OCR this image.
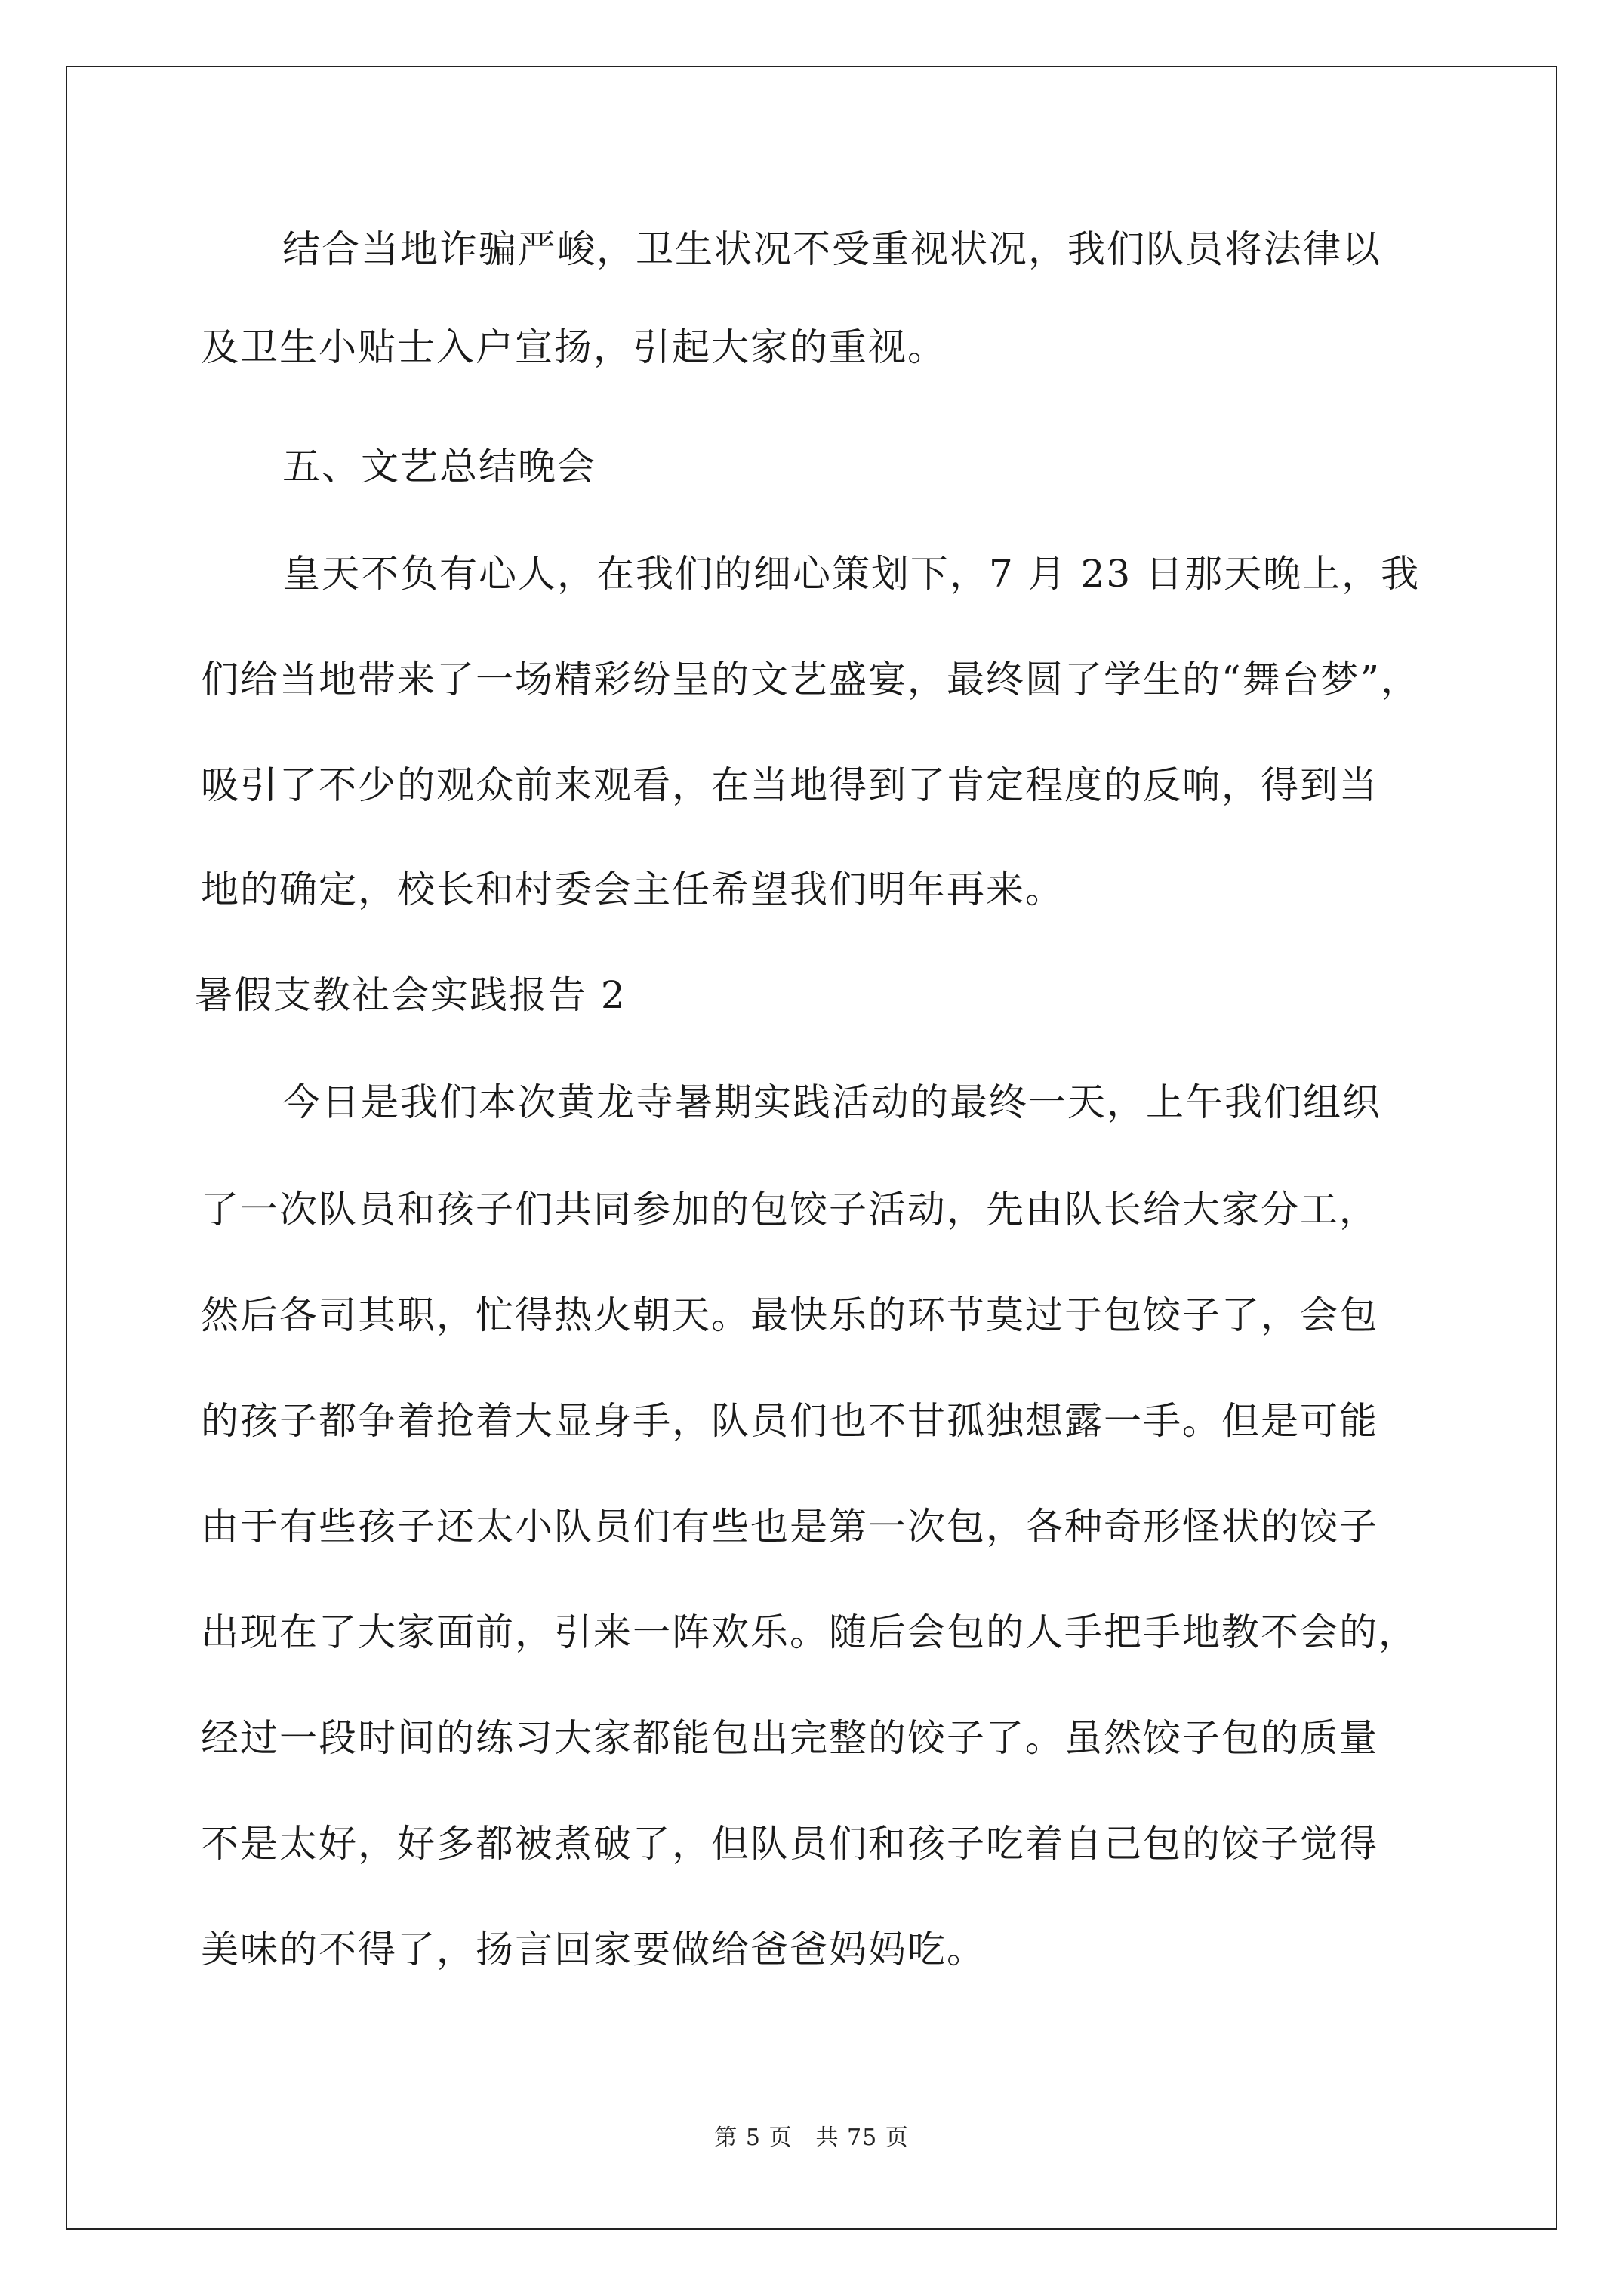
结合当地诈骗严峻，卫生状况不受重视状况，我们队员将法律以
及卫生小贴士入户宣扬，引起大家的重视。
五、文艺总结晚会
皇天不负有心人，在我们的细心策划下，7 月 23 日那天晚上，我
们给当地带来了一场精彩纷呈的文艺盛宴，最终圆了学生的“舞台梦”，
吸引了不少的观众前来观看，在当地得到了肯定程度的反响，得到当
地的确定，校长和村委会主任希望我们明年再来。
暑假支教社会实践报告 2
今日是我们本次黄龙寺暑期实践活动的最终一天，上午我们组织
了一次队员和孩子们共同参加的包饺子活动，先由队长给大家分工，
然后各司其职，忙得热火朝天。最快乐的环节莫过于包饺子了，会包
的孩子都争着抢着大显身手，队员们也不甘孤独想露一手。但是可能
由于有些孩子还太小队员们有些也是第一次包，各种奇形怪状的饺子
出现在了大家面前，引来一阵欢乐。随后会包的人手把手地教不会的，
经过一段时间的练习大家都能包出完整的饺子了。虽然饺子包的质量
不是太好，好多都被煮破了，但队员们和孩子吃着自己包的饺子觉得
美味的不得了，扬言回家要做给爸爸妈妈吃。
第 5 页　共 75 页
